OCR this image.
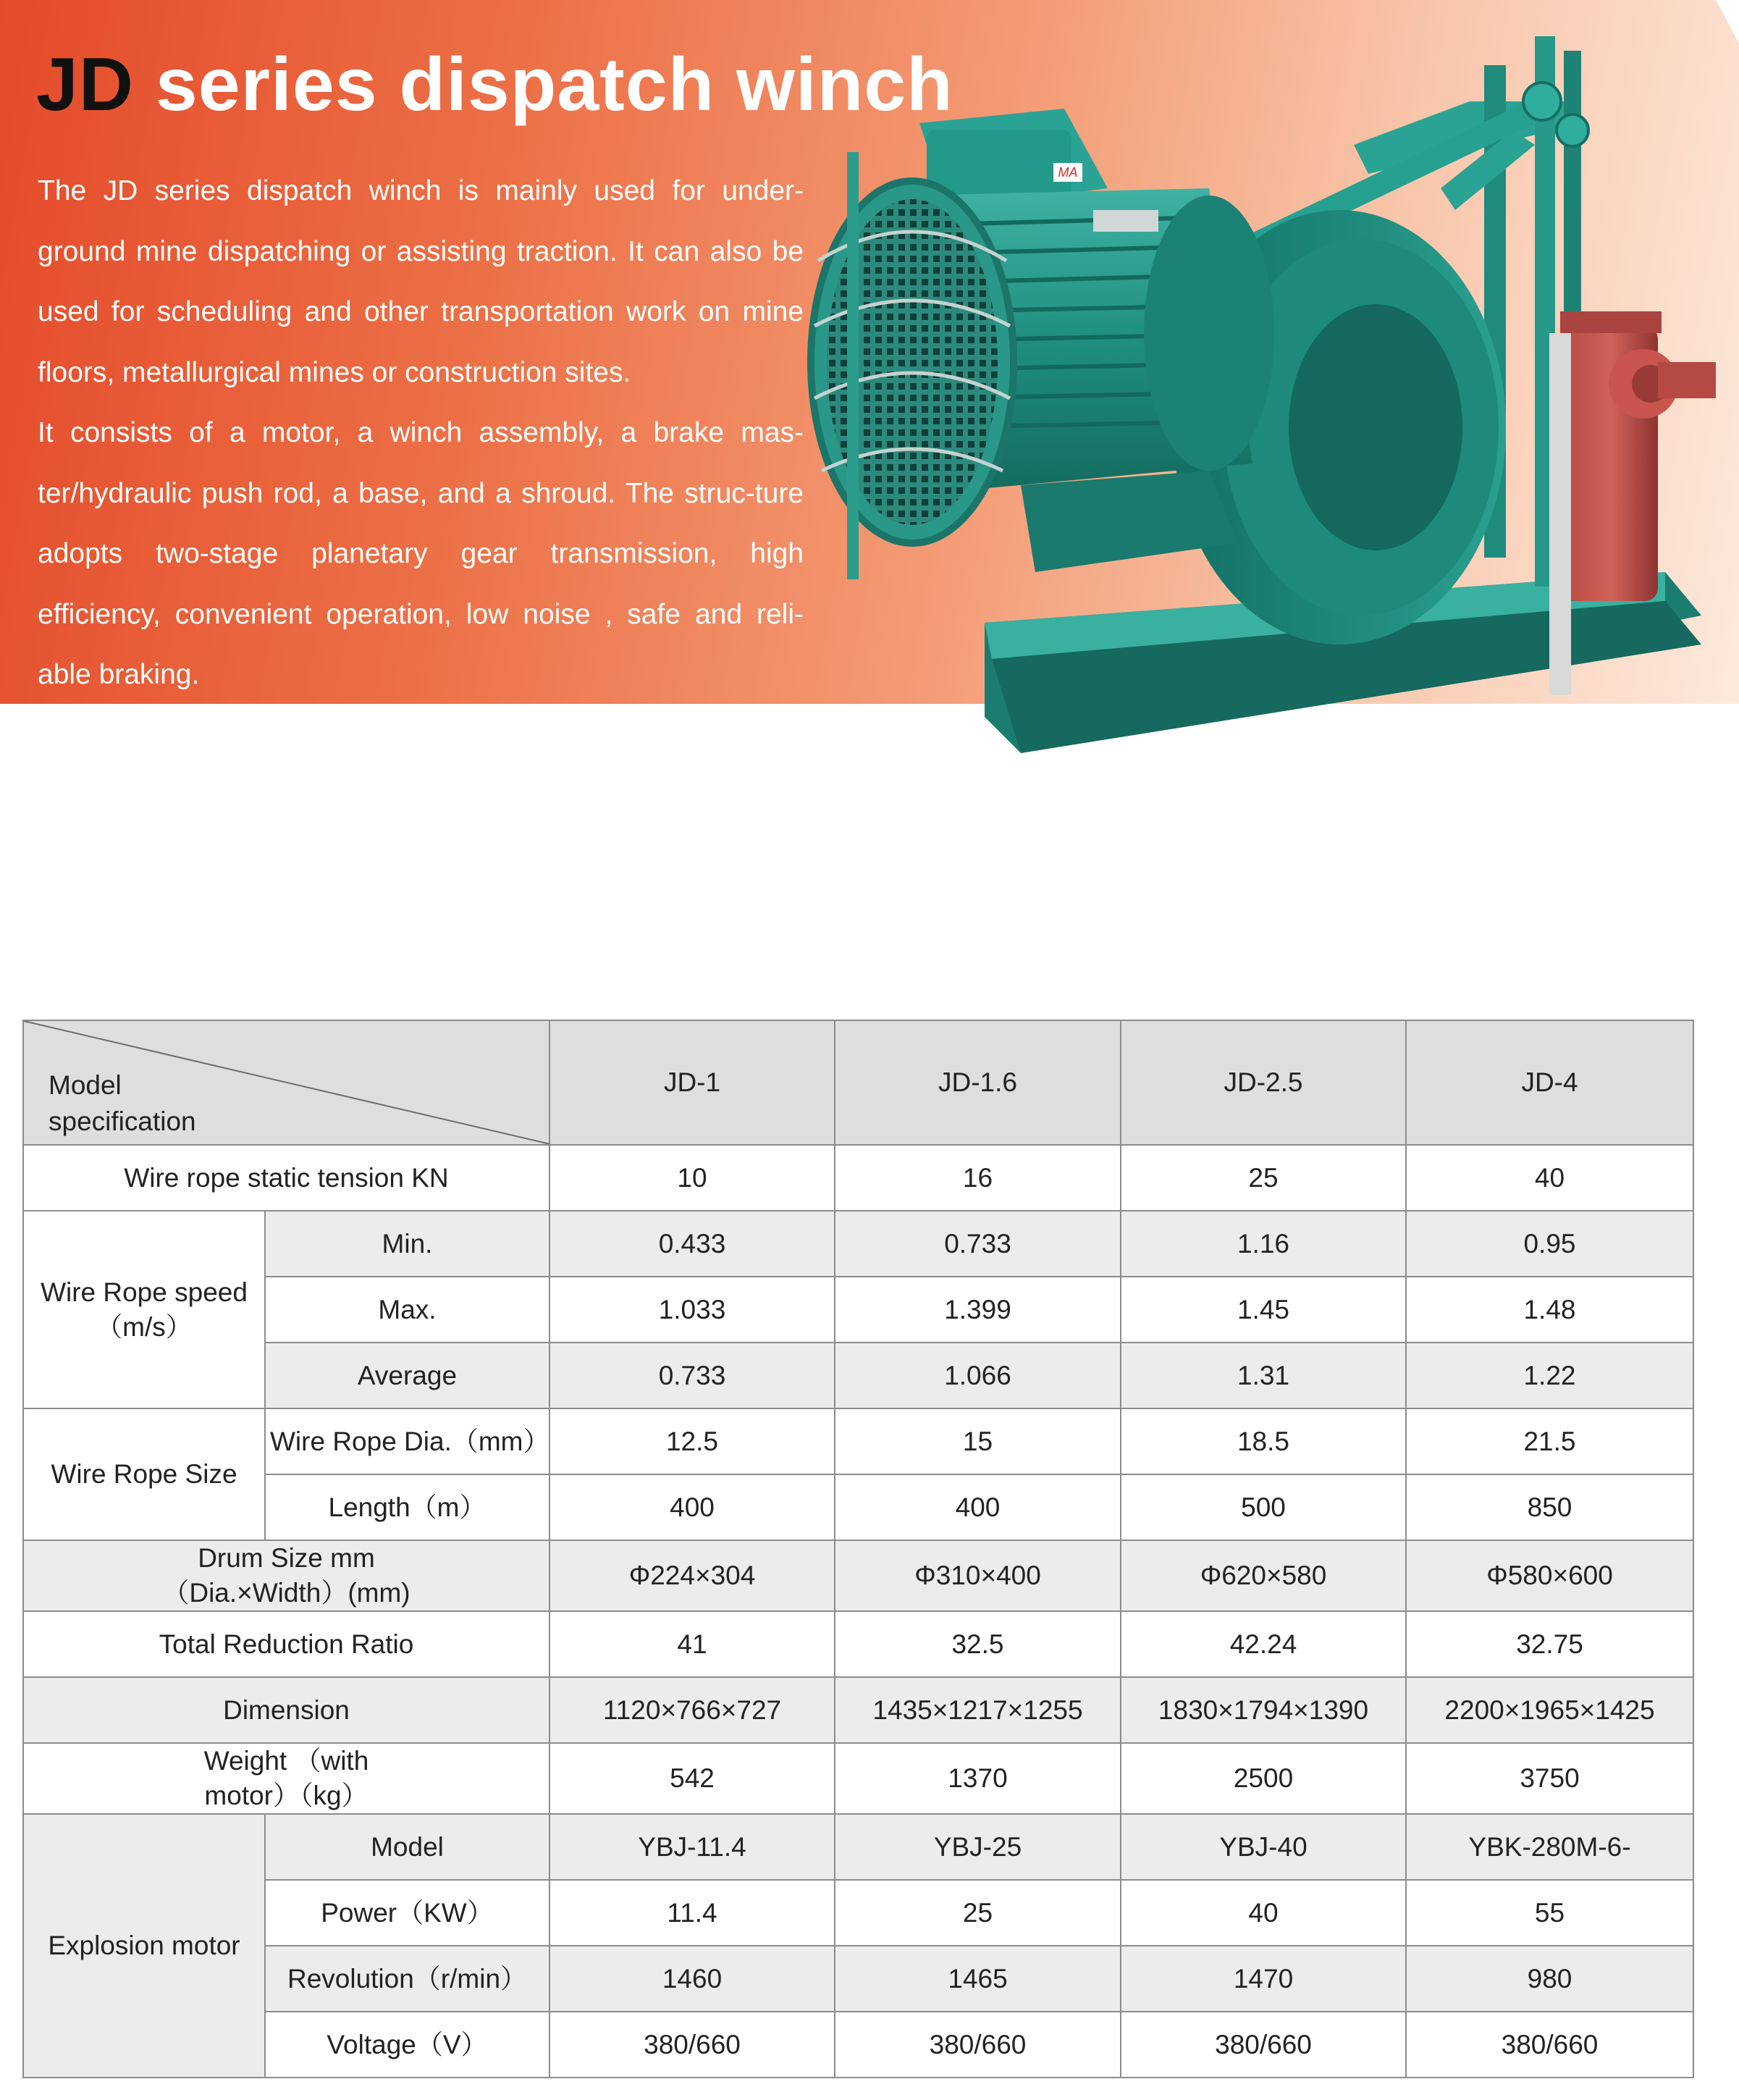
JD series dispatch winch

The JD series dispatch winch is mainly used for under-ground mine dispatching or assisting traction. It can also be used for scheduling and other transportation work on mine floors, metallurgical mines or construction sites.

It consists of a motor, a winch assembly, a brake mas-ter/hydraulic push rod, a base, and a shroud. The struc-ture adopts two-stage planetary gear transmission, high efficiency, convenient operation, low noise , safe and reli-able braking.

MA
Model specification		JD-1	JD-1.6	JD-2.5	JD-4
Wire rope static tension KN		10	16	25	40
Wire Rope speed （m/s）	Min.	0.433	0.733	1.16	0.95
	Max.	1.033	1.399	1.45	1.48
	Average	0.733	1.066	1.31	1.22
Wire Rope Size	Wire Rope Dia.（mm）	12.5	15	18.5	21.5
	Length（m）	400	400	500	850
Drum Size mm （Dia.×Width）(mm)		Φ224×304	Φ310×400	Φ620×580	Φ580×600
Total Reduction Ratio		41	32.5	42.24	32.75
Dimension		1120×766×727	1435×1217×1255	1830×1794×1390	2200×1965×1425
Weight （with motor）（kg）		542	1370	2500	3750
Explosion motor	Model	YBJ-11.4	YBJ-25	YBJ-40	YBK-280M-6-
	Power（KW）	11.4	25	40	55
	Revolution（r/min）	1460	1465	1470	980
	Voltage（V）	380/660	380/660	380/660	380/660
